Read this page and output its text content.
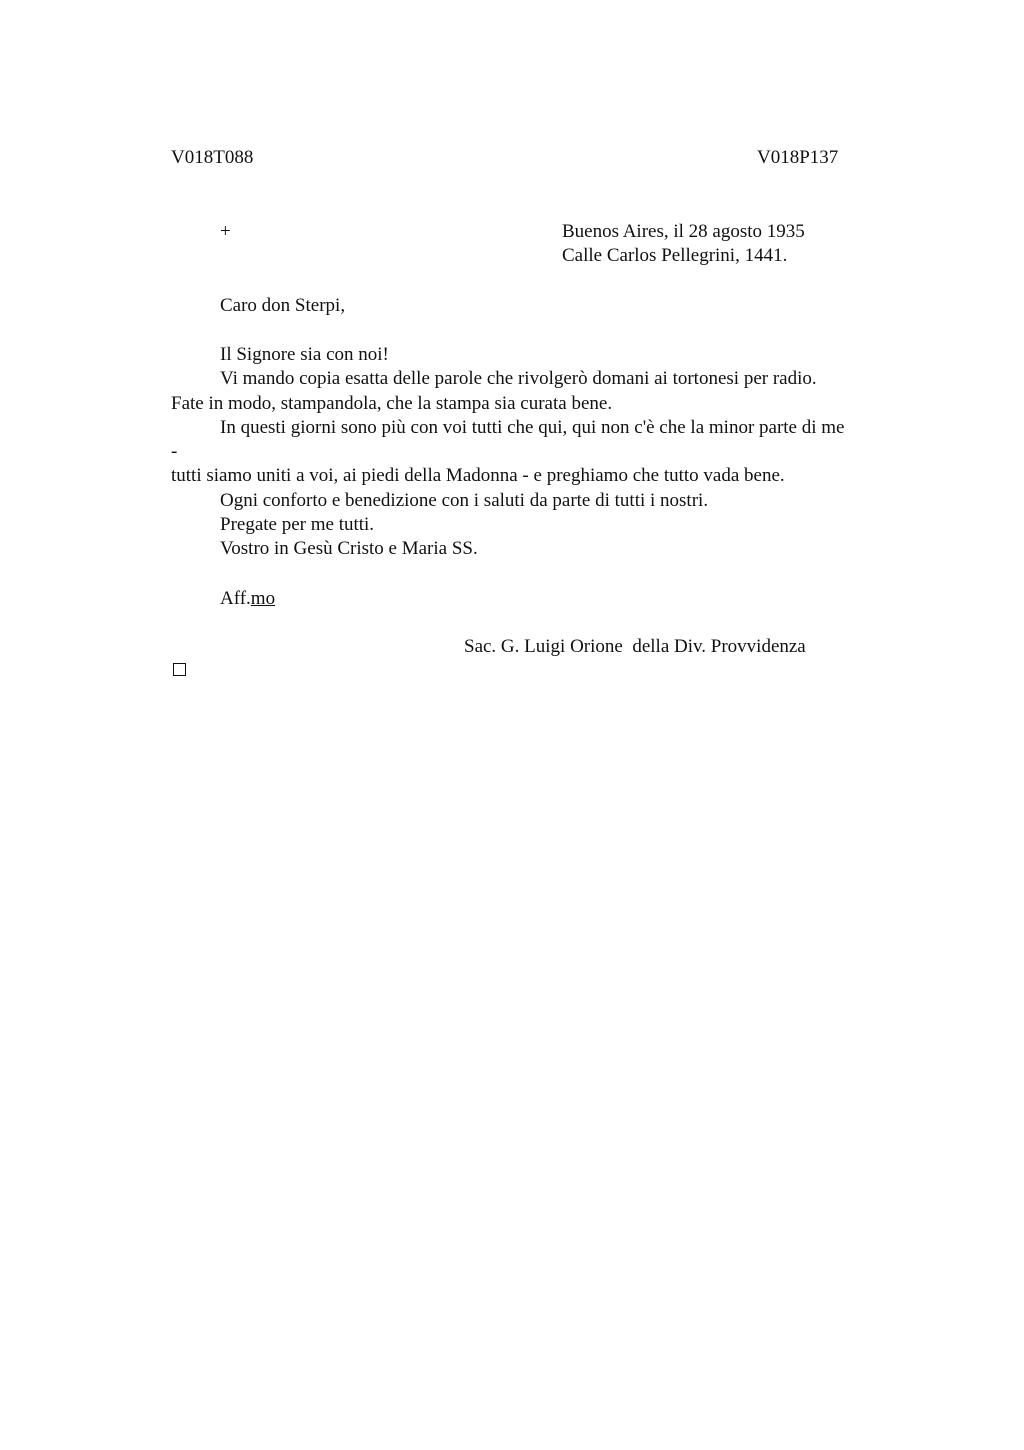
V018T088	V018P137
+	Buenos Aires, il 28 agosto 1935
Calle Carlos Pellegrini, 1441.
Caro don Sterpi,
Il Signore sia con noi!
Vi mando copia esatta delle parole che rivolgerò domani ai tortonesi per radio.
Fate in modo, stampandola, che la stampa sia curata bene.
In questi giorni sono più con voi tutti che qui, qui non c'è che la minor parte di me
-
tutti siamo uniti a voi, ai piedi della Madonna - e preghiamo che tutto vada bene.
Ogni conforto e benedizione con i saluti da parte di tutti i nostri.
Pregate per me tutti.
Vostro in Gesù Cristo e Maria SS.
Aff.mo
Sac. G. Luigi Orione  della Div. Provvidenza
